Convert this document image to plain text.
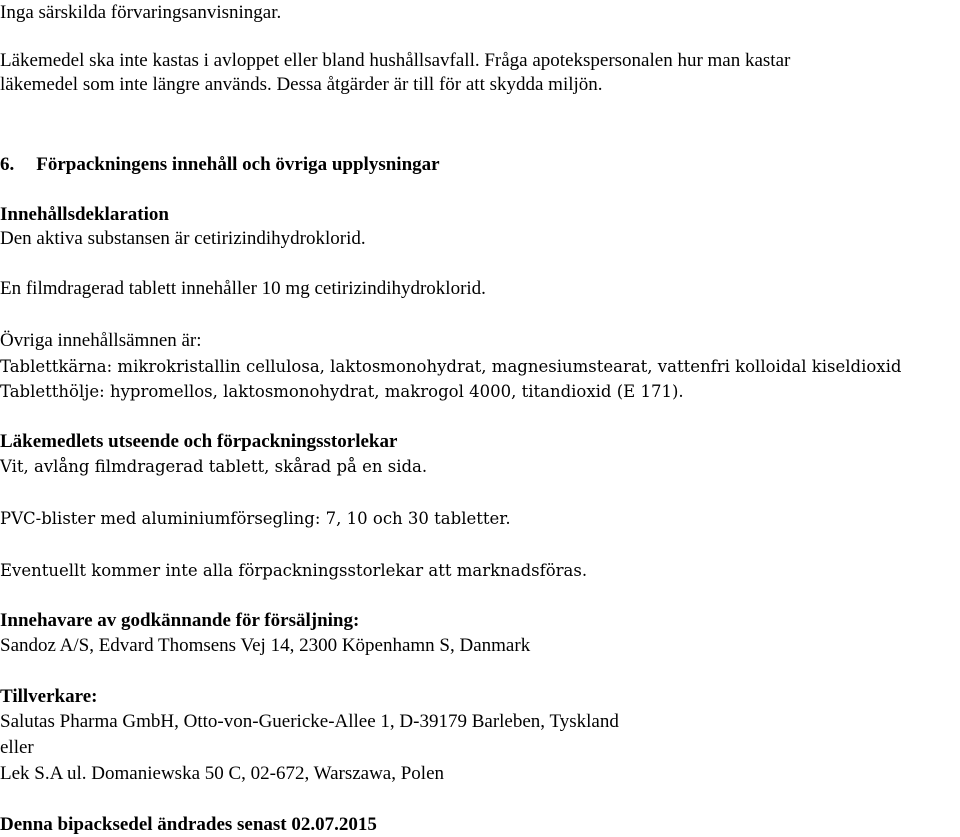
Inga särskilda förvaringsanvisningar.

Läkemedel ska inte kastas i avloppet eller bland hushållsavfall. Fråga apotekspersonalen hur man kastar

läkemedel som inte längre används. Dessa åtgärder är till för att skydda miljön.

6. Förpackningens innehåll och övriga upplysningar

Innehållsdeklaration

Den aktiva substansen är cetirizindihydroklorid.

En filmdragerad tablett innehåller 10 mg cetirizindihydroklorid.

Övriga innehållsämnen är:

Tablettkärna: mikrokristallin cellulosa, laktosmonohydrat, magnesiumstearat, vattenfri kolloidal kiseldioxid

Tabletthölje: hypromellos, laktosmonohydrat, makrogol 4000, titandioxid (E 171).

Läkemedlets utseende och förpackningsstorlekar

Vit, avlång filmdragerad tablett, skårad på en sida.

PVC-blister med aluminiumförsegling: 7, 10 och 30 tabletter.

Eventuellt kommer inte alla förpackningsstorlekar att marknadsföras.

Innehavare av godkännande för försäljning:

Sandoz A/S, Edvard Thomsens Vej 14, 2300 Köpenhamn S, Danmark

Tillverkare:

Salutas Pharma GmbH, Otto-von-Guericke-Allee 1, D-39179 Barleben, Tyskland

eller

Lek S.A ul. Domaniewska 50 C, 02-672, Warszawa, Polen

Denna bipacksedel ändrades senast 02.07.2015
